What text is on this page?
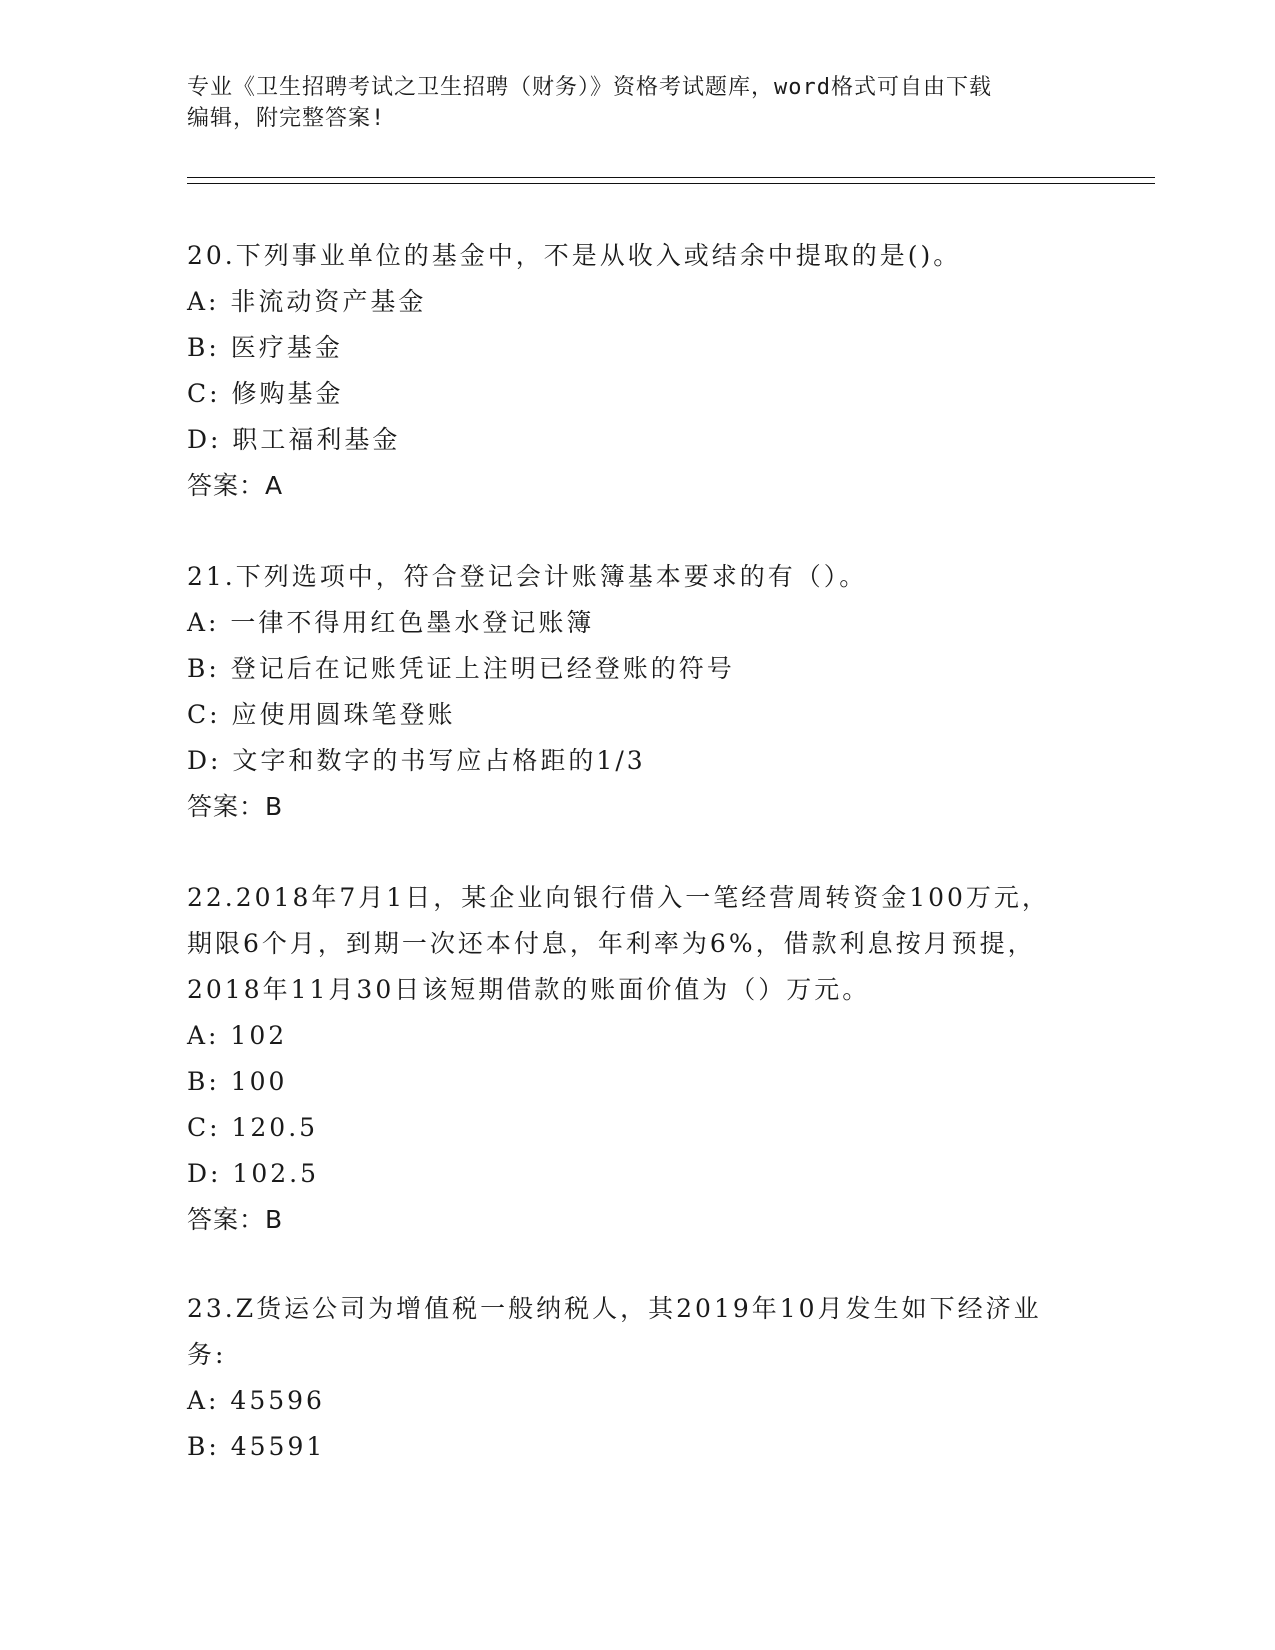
专业《卫生招聘考试之卫生招聘（财务）》资格考试题库，word格式可自由下载
编辑，附完整答案!
20.下列事业单位的基金中，不是从收入或结余中提取的是()。
A: 非流动资产基金
B: 医疗基金
C: 修购基金
D: 职工福利基金
答案：A
21.下列选项中，符合登记会计账簿基本要求的有（）。
A: 一律不得用红色墨水登记账簿
B: 登记后在记账凭证上注明已经登账的符号
C: 应使用圆珠笔登账
D: 文字和数字的书写应占格距的1/3
答案：B
22.2018年7月1日，某企业向银行借入一笔经营周转资金100万元，
期限6个月，到期一次还本付息，年利率为6%，借款利息按月预提，
2018年11月30日该短期借款的账面价值为（）万元。
A: 102
B: 100
C: 120.5
D: 102.5
答案：B
23.Z货运公司为增值税一般纳税人，其2019年10月发生如下经济业
务:
A: 45596
B: 45591
